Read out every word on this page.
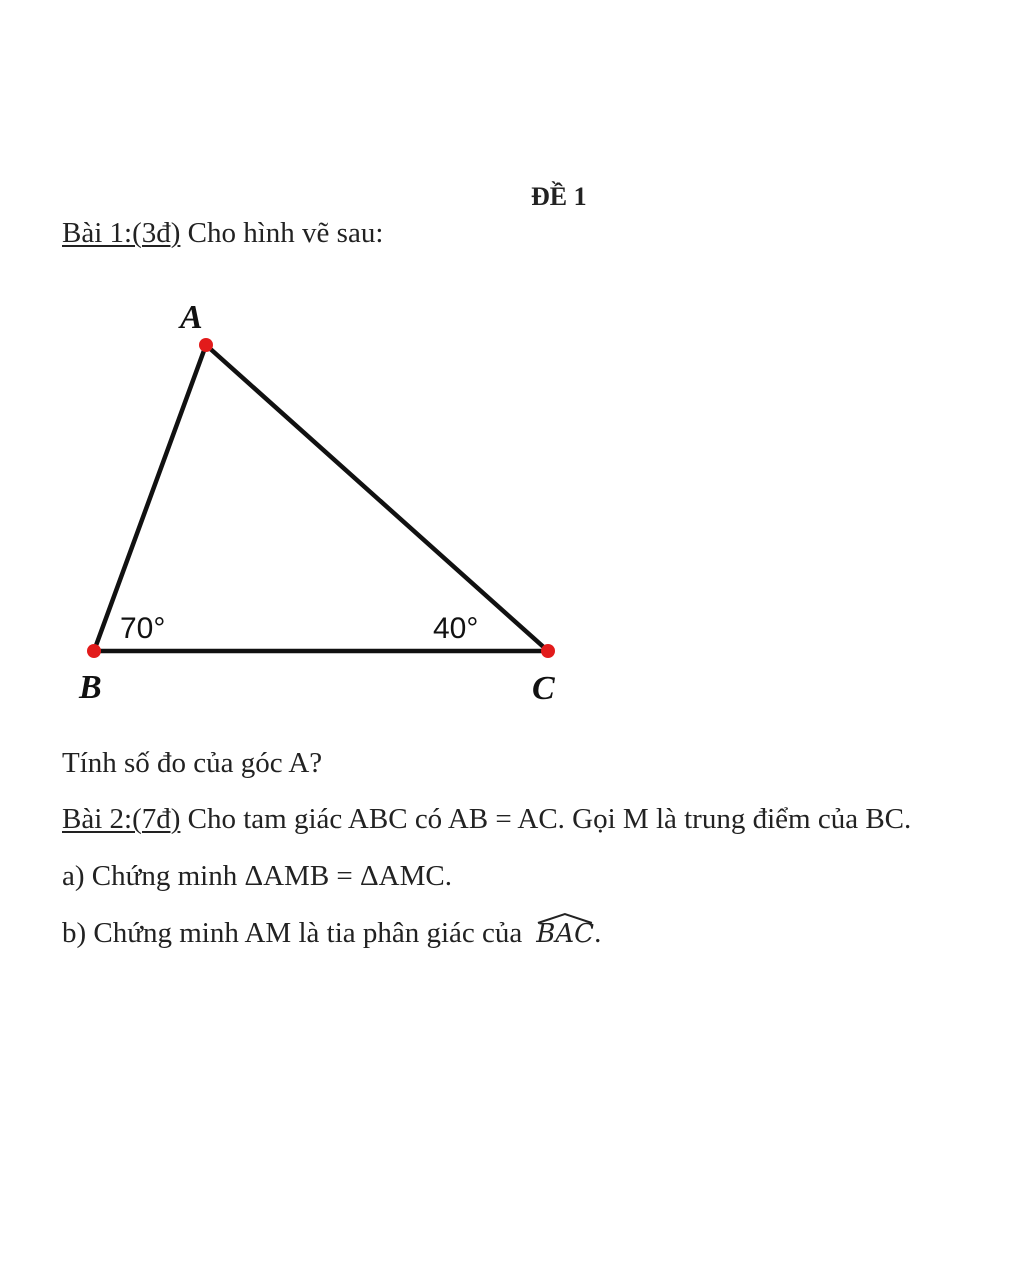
ĐỀ 1
Bài 1:(3đ) Cho hình vẽ sau:
A
B	C
70°	40°
Tính số đo của góc A?
Bài 2:(7đ) Cho tam giác ABC có AB = AC. Gọi M là trung điểm của BC.
a) Chứng minh ΔAMB = ΔAMC.
b) Chứng minh AM là tia phân giác của BAC.
